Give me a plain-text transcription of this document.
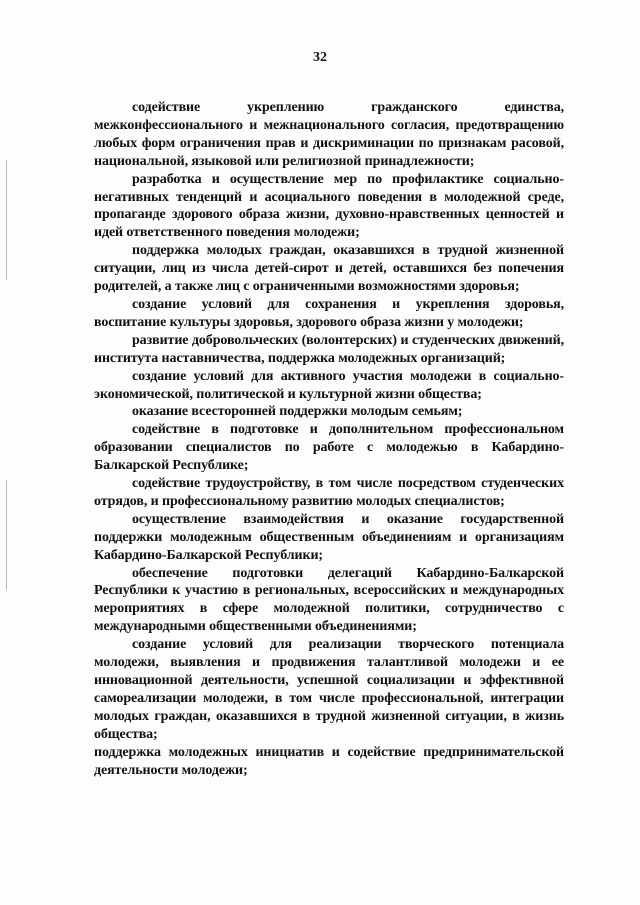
32

содействие укреплению гражданского единства, межконфессионального и межнационального согласия, предотвращению любых форм ограничения прав и дискриминации по признакам расовой, национальной, языковой или религиозной принадлежности;

разработка и осуществление мер по профилактике социально-негативных тенденций и асоциального поведения в молодежной среде, пропаганде здорового образа жизни, духовно-нравственных ценностей и идей ответственного поведения молодежи;

поддержка молодых граждан, оказавшихся в трудной жизненной ситуации, лиц из числа детей-сирот и детей, оставшихся без попечения родителей, а также лиц с ограниченными возможностями здоровья;

создание условий для сохранения и укрепления здоровья, воспитание культуры здоровья, здорового образа жизни у молодежи;

развитие добровольческих (волонтерских) и студенческих движений, института наставничества, поддержка молодежных организаций;

создание условий для активного участия молодежи в социально-экономической, политической и культурной жизни общества;

оказание всесторонней поддержки молодым семьям;

содействие в подготовке и дополнительном профессиональном образовании специалистов по работе с молодежью в Кабардино-Балкарской Республике;

содействие трудоустройству, в том числе посредством студенческих отрядов, и профессиональному развитию молодых специалистов;

осуществление взаимодействия и оказание государственной поддержки молодежным общественным объединениям и организациям Кабардино-Балкарской Республики;

обеспечение подготовки делегаций Кабардино-Балкарской Республики к участию в региональных, всероссийских и международных мероприятиях в сфере молодежной политики, сотрудничество с международными общественными объединениями;

создание условий для реализации творческого потенциала молодежи, выявления и продвижения талантливой молодежи и ее инновационной деятельности, успешной социализации и эффективной самореализации молодежи, в том числе профессиональной, интеграции молодых граждан, оказавшихся в трудной жизненной ситуации, в жизнь общества;

поддержка молодежных инициатив и содействие предпринимательской деятельности молодежи;
